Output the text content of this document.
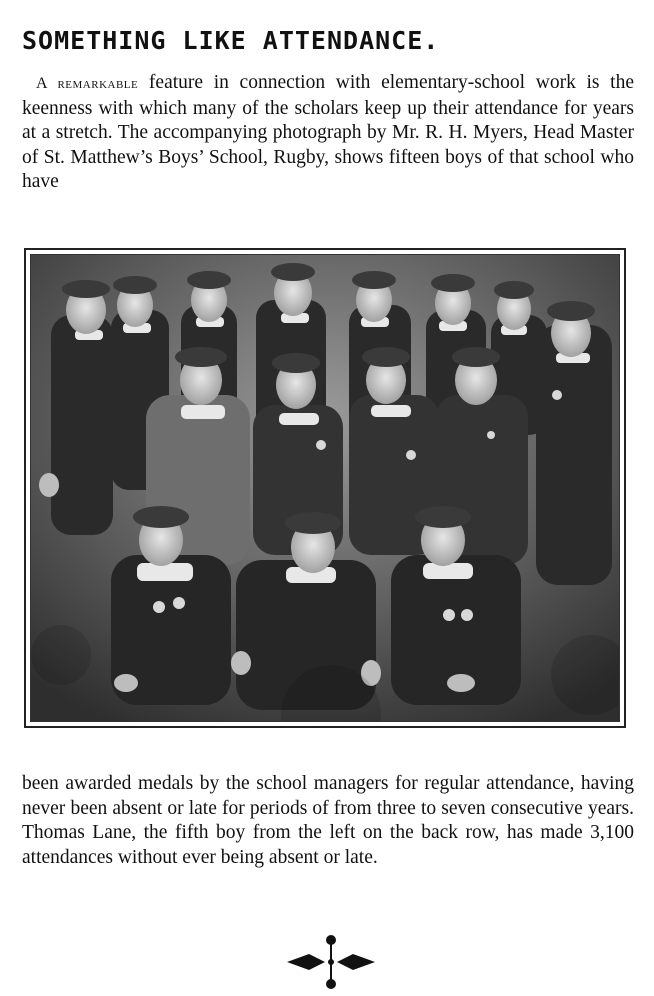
SOMETHING LIKE ATTENDANCE.

A remarkable feature in connection with elementary-school work is the keenness with which many of the scholars keep up their attendance for years at a stretch. The accompanying photograph by Mr. R. H. Myers, Head Master of St. Matthew’s Boys’ School, Rugby, shows fifteen boys of that school who have

been awarded medals by the school managers for regular attendance, having never been absent or late for periods of from three to seven consecutive years. Thomas Lane, the fifth boy from the left on the back row, has made 3,100 attendances without ever being absent or late.
